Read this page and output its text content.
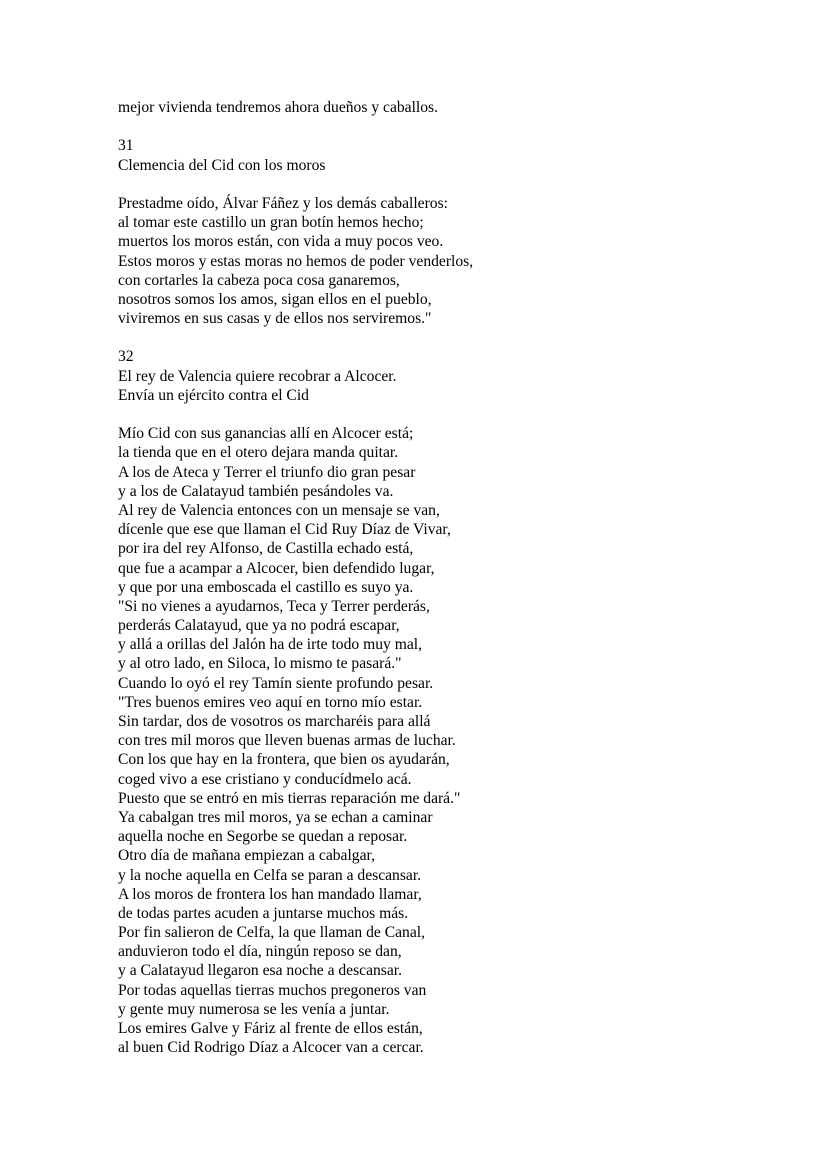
mejor vivienda tendremos ahora dueños y caballos.
31
Clemencia del Cid con los moros
Prestadme oído, Álvar Fáñez y los demás caballeros:
al tomar este castillo un gran botín hemos hecho;
muertos los moros están, con vida a muy pocos veo.
Estos moros y estas moras no hemos de poder venderlos,
con cortarles la cabeza poca cosa ganaremos,
nosotros somos los amos, sigan ellos en el pueblo,
viviremos en sus casas y de ellos nos serviremos."
32
El rey de Valencia quiere recobrar a Alcocer.
Envía un ejército contra el Cid
Mío Cid con sus ganancias allí en Alcocer está;
la tienda que en el otero dejara manda quitar.
A los de Ateca y Terrer el triunfo dio gran pesar
y a los de Calatayud también pesándoles va.
Al rey de Valencia entonces con un mensaje se van,
dícenle que ese que llaman el Cid Ruy Díaz de Vivar,
por ira del rey Alfonso, de Castilla echado está,
que fue a acampar a Alcocer, bien defendido lugar,
y que por una emboscada el castillo es suyo ya.
"Si no vienes a ayudarnos, Teca y Terrer perderás,
perderás Calatayud, que ya no podrá escapar,
y allá a orillas del Jalón ha de irte todo muy mal,
y al otro lado, en Siloca, lo mismo te pasará."
Cuando lo oyó el rey Tamín siente profundo pesar.
"Tres buenos emires veo aquí en torno mío estar.
Sin tardar, dos de vosotros os marcharéis para allá
con tres mil moros que lleven buenas armas de luchar.
Con los que hay en la frontera, que bien os ayudarán,
coged vivo a ese cristiano y conducídmelo acá.
Puesto que se entró en mis tierras reparación me dará."
Ya cabalgan tres mil moros, ya se echan a caminar
aquella noche en Segorbe se quedan a reposar.
Otro día de mañana empiezan a cabalgar,
y la noche aquella en Celfa se paran a descansar.
A los moros de frontera los han mandado llamar,
de todas partes acuden a juntarse muchos más.
Por fin salieron de Celfa, la que llaman de Canal,
anduvieron todo el día, ningún reposo se dan,
y a Calatayud llegaron esa noche a descansar.
Por todas aquellas tierras muchos pregoneros van
y gente muy numerosa se les venía a juntar.
Los emires Galve y Fáriz al frente de ellos están,
al buen Cid Rodrigo Díaz a Alcocer van a cercar.
